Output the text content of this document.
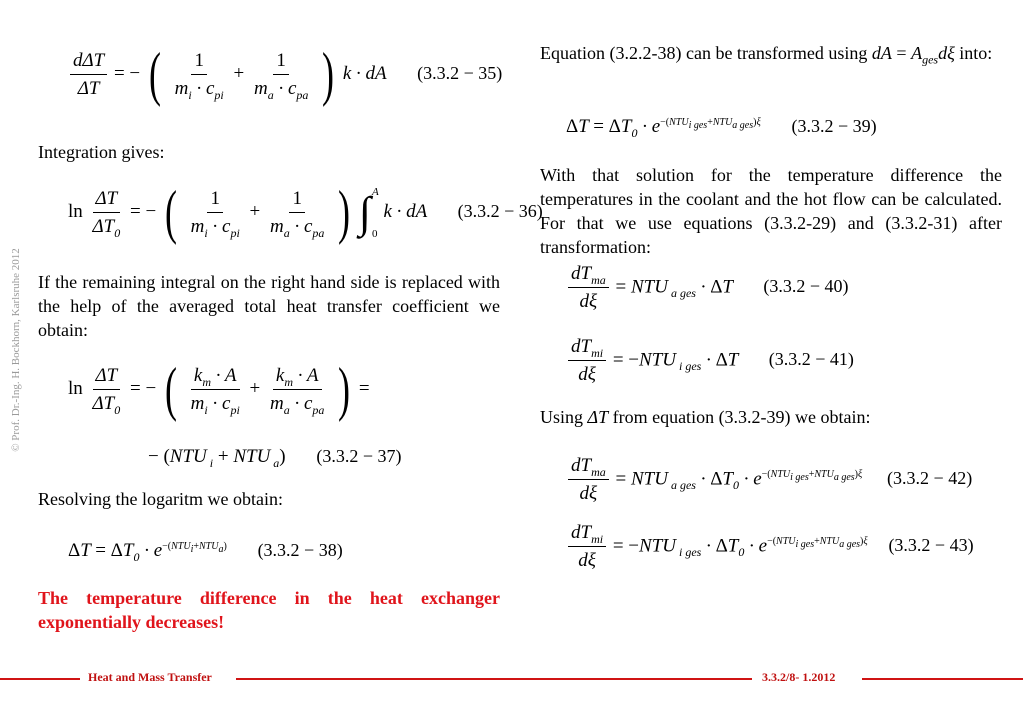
© Prof. Dr.-Ing. H. Bockhorn, Karlsruhe 2012
$\frac{\text{dΔT}}{\Delta T}$ = − ( $\frac{1}{m_i \cdot c_{pi}} + \frac{1}{m_a \cdot c_{pa}}$ ) k · dA (3.3.2 − 35)
Integration gives:
$\ln \frac{\Delta T}{\Delta T_0}$ = − ( $\frac{1}{m_i \cdot c_{pi}} + \frac{1}{m_a \cdot c_{pa}}$ ) ∫ A
0
k · dA (3.3.2 − 36)
If the remaining integral on the right hand side is replaced with the help of the averaged total heat transfer coefficient we obtain:
$\ln \frac{\Delta T}{\Delta T_0}$ = − ( $\frac{k_m \cdot A}{m_i \cdot c_{pi}} + \frac{k_m \cdot A}{m_a \cdot c_{pa}}$ ) =
− (NTU $_i$ + NTU $_a$) (3.3.2 − 37)
Resolving the logaritm we obtain:
$\Delta T = \Delta T_0 \cdot e^{-(NTU_i+NTU_a)}$ (3.3.2 − 38)
The temperature difference in the heat exchanger exponentially decreases!
Equation (3.2.2-38) can be transformed using dA = $A_{ges}d\xi$ into:
$\Delta T = \Delta T_0 \cdot e^{-(NTU_{i ges}+NTU_{a ges})\xi}$ (3.3.2 − 39)
With that solution for the temperature difference the temperatures in the coolant and the hot flow can be calculated. For that we use equations (3.3.2-29) and (3.3.2-31) after transformation:
$\frac{dT_{ma}}{d\xi}$ = NTU $_{a ges}$ · ΔT (3.3.2 − 40)
$\frac{dT_{mi}}{d\xi} = -NTU$ $_{i ges}$ · ΔT (3.3.2 − 41)
Using ΔT from equation (3.3.2-39) we obtain:
$\frac{dT_{ma}}{d\xi}$ = NTU $_{a ges} \cdot \Delta T_0 \cdot e^{-(NTU_{i ges}+NTU_{a ges})\xi}$ (3.3.2 − 42)
$\frac{dT_{mi}}{d\xi} = -NTU$ $_{i ges} \cdot \Delta T_0 \cdot e^{-(NTU_{i ges}+NTU_{a ges})\xi}$ (3.3.2 − 43)
Heat and Mass Transfer	3.3.2/8- 1.2012
